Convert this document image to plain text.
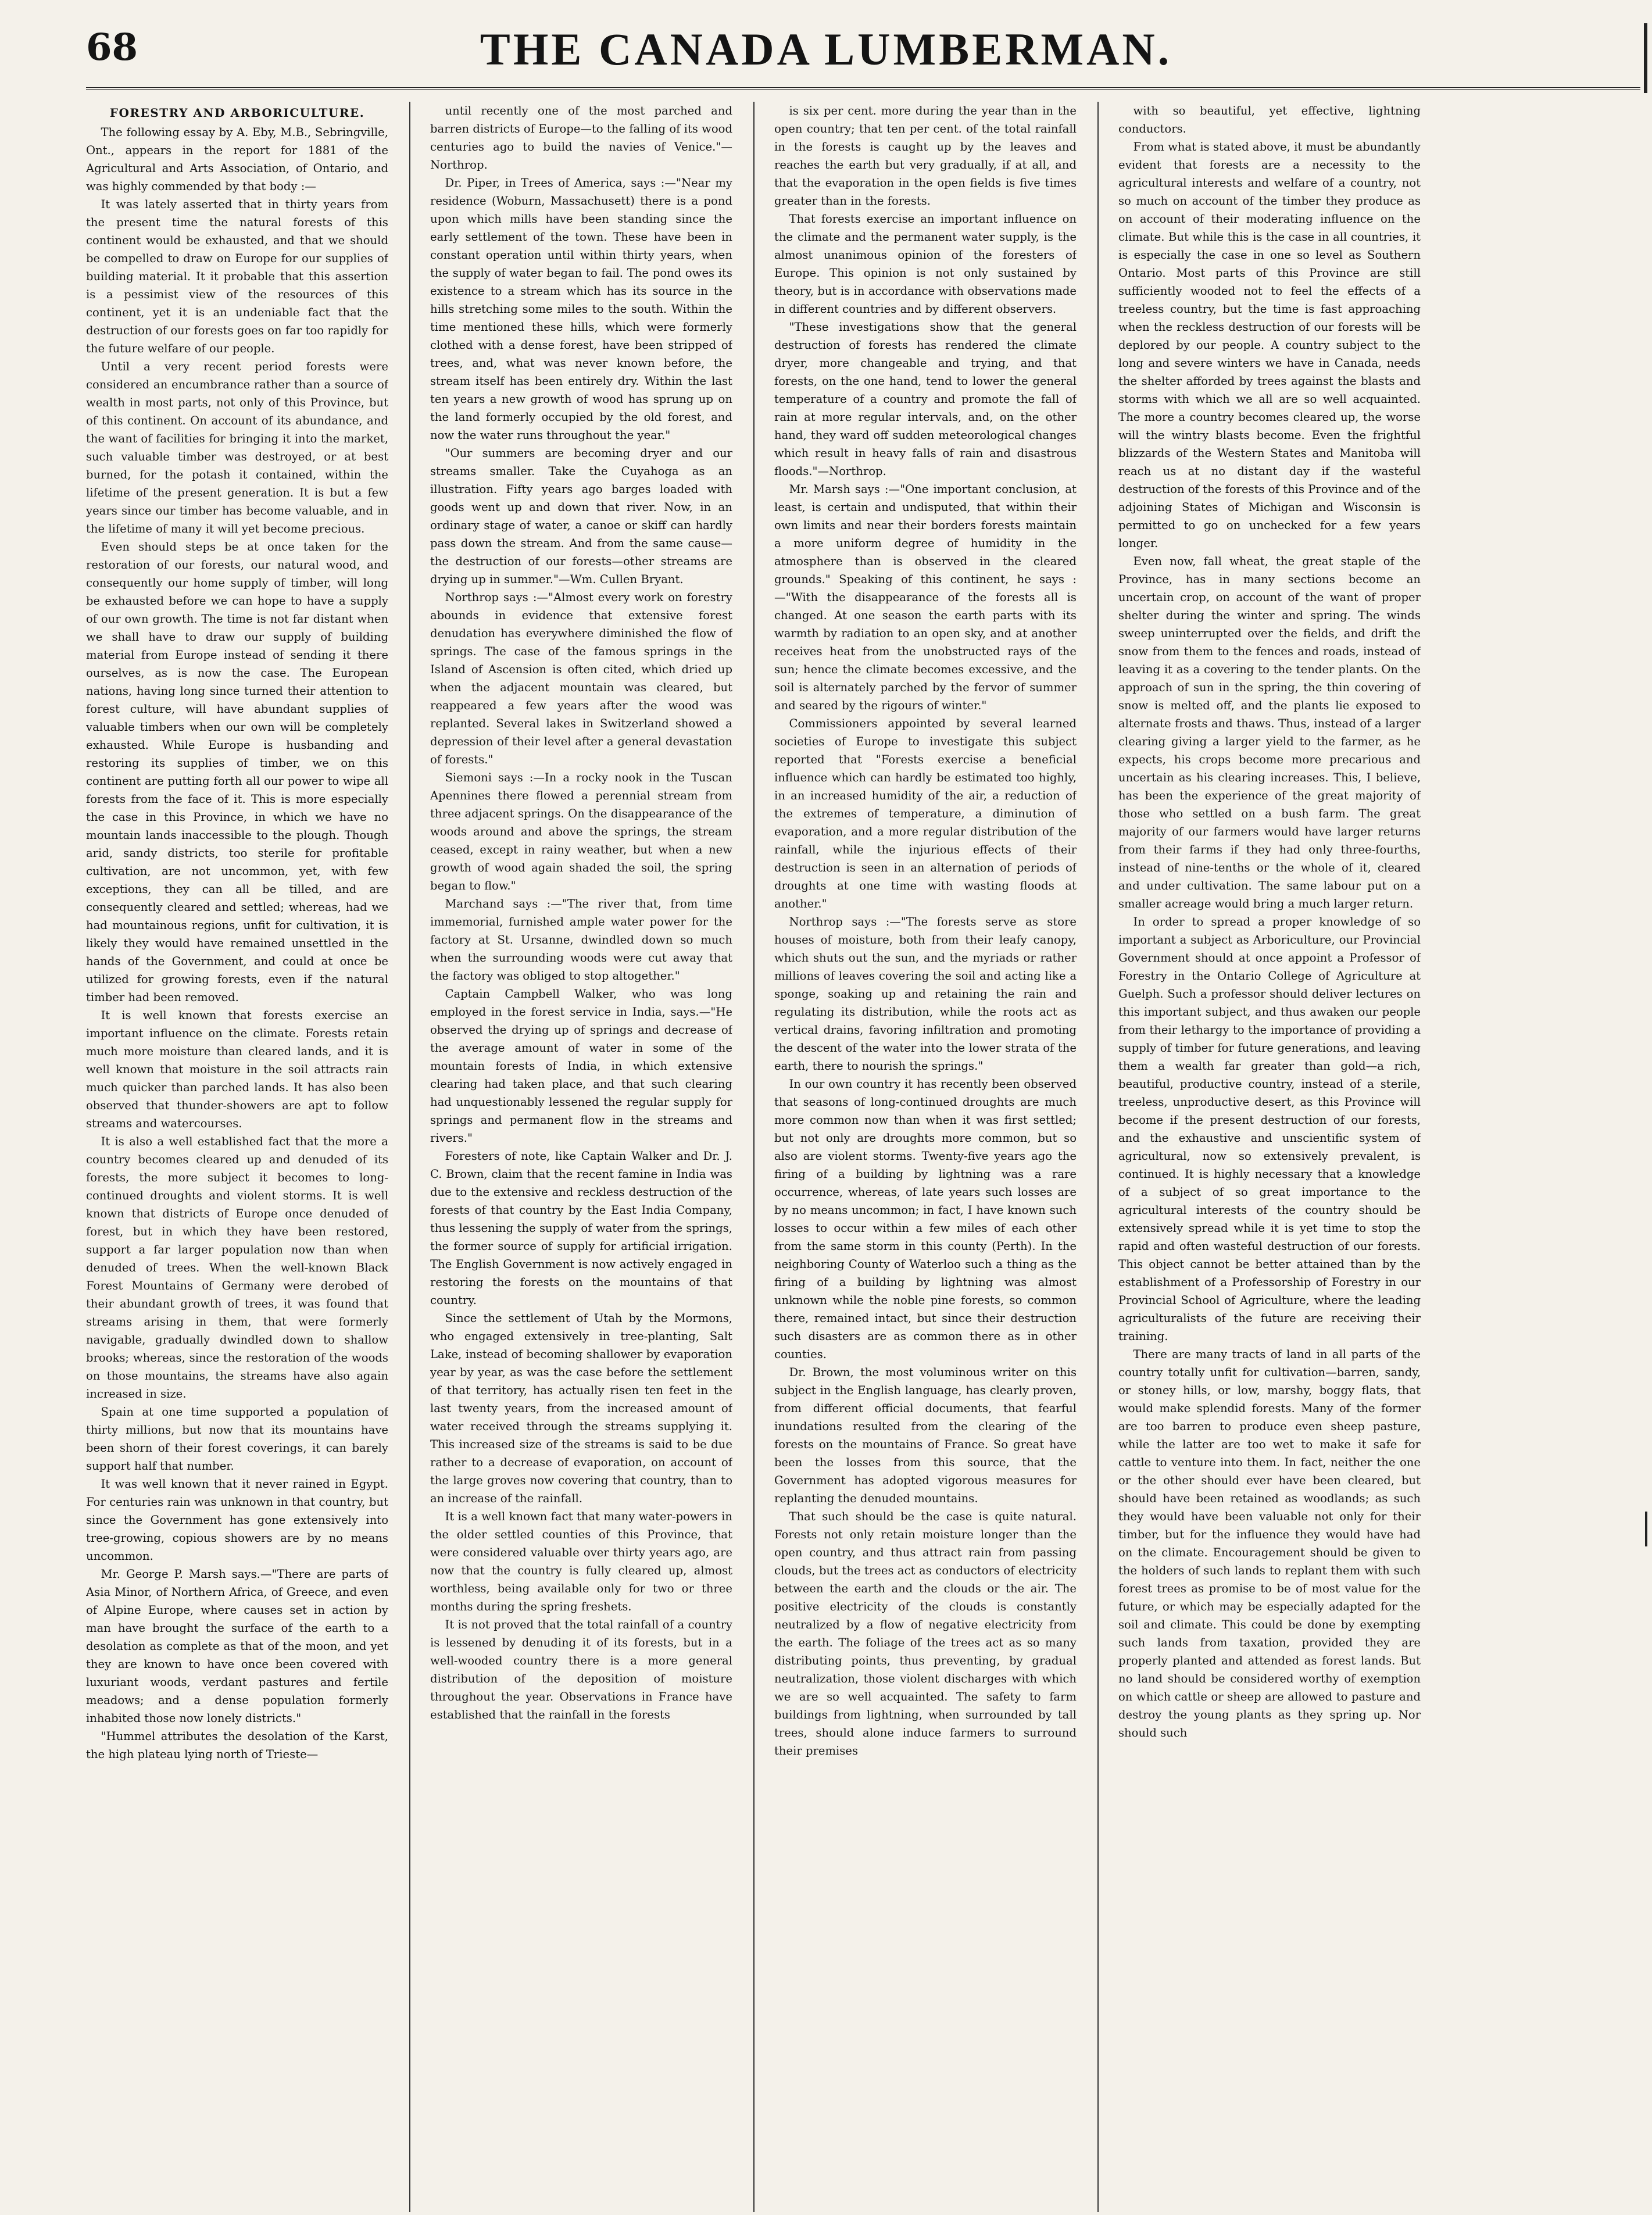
68	THE CANADA LUMBERMAN.
FORESTRY AND ARBORICULTURE.

The following essay by A. Eby, M.B., Sebringville, Ont., appears in the report for 1881 of the Agricultural and Arts Association, of Ontario, and was highly commended by that body :—

It was lately asserted that in thirty years from the present time the natural forests of this continent would be exhausted, and that we should be compelled to draw on Europe for our supplies of building material. It it probable that this assertion is a pessimist view of the resources of this continent, yet it is an undeniable fact that the destruction of our forests goes on far too rapidly for the future welfare of our people.

Until a very recent period forests were considered an encumbrance rather than a source of wealth in most parts, not only of this Province, but of this continent. On account of its abundance, and the want of facilities for bringing it into the market, such valuable timber was destroyed, or at best burned, for the potash it contained, within the lifetime of the present generation. It is but a few years since our timber has become valuable, and in the lifetime of many it will yet become precious.

Even should steps be at once taken for the restoration of our forests, our natural wood, and consequently our home supply of timber, will long be exhausted before we can hope to have a supply of our own growth. The time is not far distant when we shall have to draw our supply of building material from Europe instead of sending it there ourselves, as is now the case. The European nations, having long since turned their attention to forest culture, will have abundant supplies of valuable timbers when our own will be completely exhausted. While Europe is husbanding and restoring its supplies of timber, we on this continent are putting forth all our power to wipe all forests from the face of it. This is more especially the case in this Province, in which we have no mountain lands inaccessible to the plough. Though arid, sandy districts, too sterile for profitable cultivation, are not uncommon, yet, with few exceptions, they can all be tilled, and are consequently cleared and settled; whereas, had we had mountainous regions, unfit for cultivation, it is likely they would have remained unsettled in the hands of the Government, and could at once be utilized for growing forests, even if the natural timber had been removed.

It is well known that forests exercise an important influence on the climate. Forests retain much more moisture than cleared lands, and it is well known that moisture in the soil attracts rain much quicker than parched lands. It has also been observed that thunder-showers are apt to follow streams and watercourses.

It is also a well established fact that the more a country becomes cleared up and denuded of its forests, the more subject it becomes to long-continued droughts and violent storms. It is well known that districts of Europe once denuded of forest, but in which they have been restored, support a far larger population now than when denuded of trees. When the well-known Black Forest Mountains of Germany were derobed of their abundant growth of trees, it was found that streams arising in them, that were formerly navigable, gradually dwindled down to shallow brooks; whereas, since the restoration of the woods on those mountains, the streams have also again increased in size.

Spain at one time supported a population of thirty millions, but now that its mountains have been shorn of their forest coverings, it can barely support half that number.

It was well known that it never rained in Egypt. For centuries rain was unknown in that country, but since the Government has gone extensively into tree-growing, copious showers are by no means uncommon.

Mr. George P. Marsh says.—"There are parts of Asia Minor, of Northern Africa, of Greece, and even of Alpine Europe, where causes set in action by man have brought the surface of the earth to a desolation as complete as that of the moon, and yet they are known to have once been covered with luxuriant woods, verdant pastures and fertile meadows; and a dense population formerly inhabited those now lonely districts."

"Hummel attributes the desolation of the Karst, the high plateau lying north of Trieste—

until recently one of the most parched and barren districts of Europe—to the falling of its wood centuries ago to build the navies of Venice."—Northrop.

Dr. Piper, in Trees of America, says :—"Near my residence (Woburn, Massachusett) there is a pond upon which mills have been standing since the early settlement of the town. These have been in constant operation until within thirty years, when the supply of water began to fail. The pond owes its existence to a stream which has its source in the hills stretching some miles to the south. Within the time mentioned these hills, which were formerly clothed with a dense forest, have been stripped of trees, and, what was never known before, the stream itself has been entirely dry. Within the last ten years a new growth of wood has sprung up on the land formerly occupied by the old forest, and now the water runs throughout the year."

"Our summers are becoming dryer and our streams smaller. Take the Cuyahoga as an illustration. Fifty years ago barges loaded with goods went up and down that river. Now, in an ordinary stage of water, a canoe or skiff can hardly pass down the stream. And from the same cause—the destruction of our forests—other streams are drying up in summer."—Wm. Cullen Bryant.

Northrop says :—"Almost every work on forestry abounds in evidence that extensive forest denudation has everywhere diminished the flow of springs. The case of the famous springs in the Island of Ascension is often cited, which dried up when the adjacent mountain was cleared, but reappeared a few years after the wood was replanted. Several lakes in Switzerland showed a depression of their level after a general devastation of forests."

Siemoni says :—In a rocky nook in the Tuscan Apennines there flowed a perennial stream from three adjacent springs. On the disappearance of the woods around and above the springs, the stream ceased, except in rainy weather, but when a new growth of wood again shaded the soil, the spring began to flow."

Marchand says :—"The river that, from time immemorial, furnished ample water power for the factory at St. Ursanne, dwindled down so much when the surrounding woods were cut away that the factory was obliged to stop altogether."

Captain Campbell Walker, who was long employed in the forest service in India, says.—"He observed the drying up of springs and decrease of the average amount of water in some of the mountain forests of India, in which extensive clearing had taken place, and that such clearing had unquestionably lessened the regular supply for springs and permanent flow in the streams and rivers."

Foresters of note, like Captain Walker and Dr. J. C. Brown, claim that the recent famine in India was due to the extensive and reckless destruction of the forests of that country by the East India Company, thus lessening the supply of water from the springs, the former source of supply for artificial irrigation. The English Government is now actively engaged in restoring the forests on the mountains of that country.

Since the settlement of Utah by the Mormons, who engaged extensively in tree-planting, Salt Lake, instead of becoming shallower by evaporation year by year, as was the case before the settlement of that territory, has actually risen ten feet in the last twenty years, from the increased amount of water received through the streams supplying it. This increased size of the streams is said to be due rather to a decrease of evaporation, on account of the large groves now covering that country, than to an increase of the rainfall.

It is a well known fact that many water-powers in the older settled counties of this Province, that were considered valuable over thirty years ago, are now that the country is fully cleared up, almost worthless, being available only for two or three months during the spring freshets.

It is not proved that the total rainfall of a country is lessened by denuding it of its forests, but in a well-wooded country there is a more general distribution of the deposition of moisture throughout the year. Observations in France have established that the rainfall in the forests

is six per cent. more during the year than in the open country; that ten per cent. of the total rainfall in the forests is caught up by the leaves and reaches the earth but very gradually, if at all, and that the evaporation in the open fields is five times greater than in the forests.

That forests exercise an important influence on the climate and the permanent water supply, is the almost unanimous opinion of the foresters of Europe. This opinion is not only sustained by theory, but is in accordance with observations made in different countries and by different observers.

"These investigations show that the general destruction of forests has rendered the climate dryer, more changeable and trying, and that forests, on the one hand, tend to lower the general temperature of a country and promote the fall of rain at more regular intervals, and, on the other hand, they ward off sudden meteorological changes which result in heavy falls of rain and disastrous floods."—Northrop.

Mr. Marsh says :—"One important conclusion, at least, is certain and undisputed, that within their own limits and near their borders forests maintain a more uniform degree of humidity in the atmosphere than is observed in the cleared grounds." Speaking of this continent, he says :—"With the disappearance of the forests all is changed. At one season the earth parts with its warmth by radiation to an open sky, and at another receives heat from the unobstructed rays of the sun; hence the climate becomes excessive, and the soil is alternately parched by the fervor of summer and seared by the rigours of winter."

Commissioners appointed by several learned societies of Europe to investigate this subject reported that "Forests exercise a beneficial influence which can hardly be estimated too highly, in an increased humidity of the air, a reduction of the extremes of temperature, a diminution of evaporation, and a more regular distribution of the rainfall, while the injurious effects of their destruction is seen in an alternation of periods of droughts at one time with wasting floods at another."

Northrop says :—"The forests serve as store houses of moisture, both from their leafy canopy, which shuts out the sun, and the myriads or rather millions of leaves covering the soil and acting like a sponge, soaking up and retaining the rain and regulating its distribution, while the roots act as vertical drains, favoring infiltration and promoting the descent of the water into the lower strata of the earth, there to nourish the springs."

In our own country it has recently been observed that seasons of long-continued droughts are much more common now than when it was first settled; but not only are droughts more common, but so also are violent storms. Twenty-five years ago the firing of a building by lightning was a rare occurrence, whereas, of late years such losses are by no means uncommon; in fact, I have known such losses to occur within a few miles of each other from the same storm in this county (Perth). In the neighboring County of Waterloo such a thing as the firing of a building by lightning was almost unknown while the noble pine forests, so common there, remained intact, but since their destruction such disasters are as common there as in other counties.

Dr. Brown, the most voluminous writer on this subject in the English language, has clearly proven, from different official documents, that fearful inundations resulted from the clearing of the forests on the mountains of France. So great have been the losses from this source, that the Government has adopted vigorous measures for replanting the denuded mountains.

That such should be the case is quite natural. Forests not only retain moisture longer than the open country, and thus attract rain from passing clouds, but the trees act as conductors of electricity between the earth and the clouds or the air. The positive electricity of the clouds is constantly neutralized by a flow of negative electricity from the earth. The foliage of the trees act as so many distributing points, thus preventing, by gradual neutralization, those violent discharges with which we are so well acquainted. The safety to farm buildings from lightning, when surrounded by tall trees, should alone induce farmers to surround their premises

with so beautiful, yet effective, lightning conductors.

From what is stated above, it must be abundantly evident that forests are a necessity to the agricultural interests and welfare of a country, not so much on account of the timber they produce as on account of their moderating influence on the climate. But while this is the case in all countries, it is especially the case in one so level as Southern Ontario. Most parts of this Province are still sufficiently wooded not to feel the effects of a treeless country, but the time is fast approaching when the reckless destruction of our forests will be deplored by our people. A country subject to the long and severe winters we have in Canada, needs the shelter afforded by trees against the blasts and storms with which we all are so well acquainted. The more a country becomes cleared up, the worse will the wintry blasts become. Even the frightful blizzards of the Western States and Manitoba will reach us at no distant day if the wasteful destruction of the forests of this Province and of the adjoining States of Michigan and Wisconsin is permitted to go on unchecked for a few years longer.

Even now, fall wheat, the great staple of the Province, has in many sections become an uncertain crop, on account of the want of proper shelter during the winter and spring. The winds sweep uninterrupted over the fields, and drift the snow from them to the fences and roads, instead of leaving it as a covering to the tender plants. On the approach of sun in the spring, the thin covering of snow is melted off, and the plants lie exposed to alternate frosts and thaws. Thus, instead of a larger clearing giving a larger yield to the farmer, as he expects, his crops become more precarious and uncertain as his clearing increases. This, I believe, has been the experience of the great majority of those who settled on a bush farm. The great majority of our farmers would have larger returns from their farms if they had only three-fourths, instead of nine-tenths or the whole of it, cleared and under cultivation. The same labour put on a smaller acreage would bring a much larger return.

In order to spread a proper knowledge of so important a subject as Arboriculture, our Provincial Government should at once appoint a Professor of Forestry in the Ontario College of Agriculture at Guelph. Such a professor should deliver lectures on this important subject, and thus awaken our people from their lethargy to the importance of providing a supply of timber for future generations, and leaving them a wealth far greater than gold—a rich, beautiful, productive country, instead of a sterile, treeless, unproductive desert, as this Province will become if the present destruction of our forests, and the exhaustive and unscientific system of agricultural, now so extensively prevalent, is continued. It is highly necessary that a knowledge of a subject of so great importance to the agricultural interests of the country should be extensively spread while it is yet time to stop the rapid and often wasteful destruction of our forests. This object cannot be better attained than by the establishment of a Professorship of Forestry in our Provincial School of Agriculture, where the leading agriculturalists of the future are receiving their training.

There are many tracts of land in all parts of the country totally unfit for cultivation—barren, sandy, or stoney hills, or low, marshy, boggy flats, that would make splendid forests. Many of the former are too barren to produce even sheep pasture, while the latter are too wet to make it safe for cattle to venture into them. In fact, neither the one or the other should ever have been cleared, but should have been retained as woodlands; as such they would have been valuable not only for their timber, but for the influence they would have had on the climate. Encouragement should be given to the holders of such lands to replant them with such forest trees as promise to be of most value for the future, or which may be especially adapted for the soil and climate. This could be done by exempting such lands from taxation, provided they are properly planted and attended as forest lands. But no land should be considered worthy of exemption on which cattle or sheep are allowed to pasture and destroy the young plants as they spring up. Nor should such
